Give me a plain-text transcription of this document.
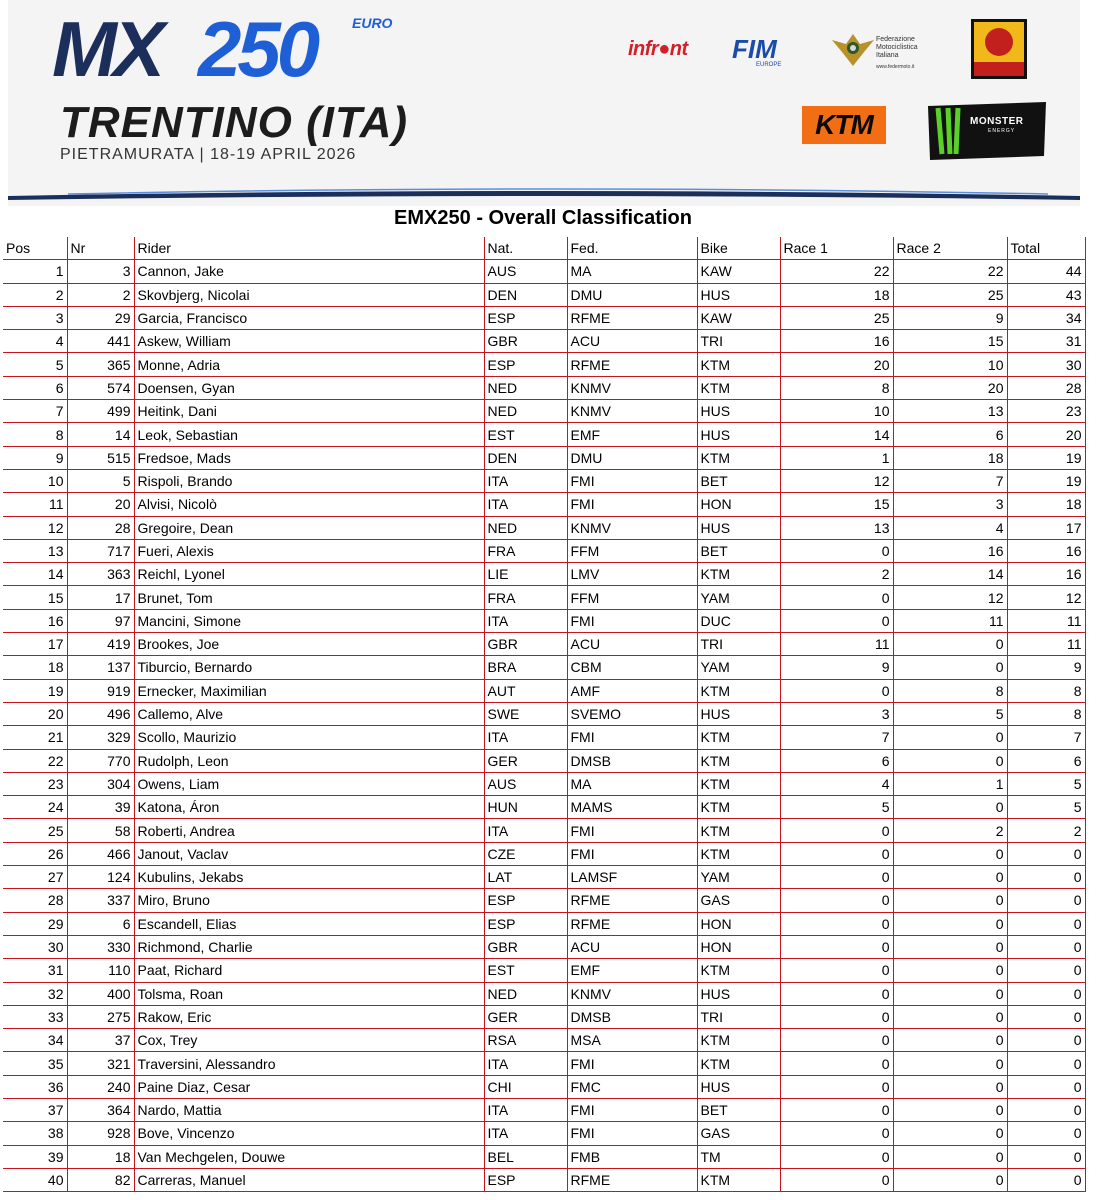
MX 250	EURO
TRENTINO (ITA)
PIETRAMURATA | 18-19 APRIL 2026
infr●nt FIM
EUROPE
Federazione Motociclistica Italiana
www.federmoto.it
KTM	MONSTER
ENERGY
EMX250 - Overall Classification
Pos	Nr	Rider	Nat.	Fed.	Bike	Race 1	Race 2	Total
1	3	Cannon, Jake	AUS	MA	KAW	22	22	44
2	2	Skovbjerg, Nicolai	DEN	DMU	HUS	18	25	43
3	29	Garcia, Francisco	ESP	RFME	KAW	25	9	34
4	441	Askew, William	GBR	ACU	TRI	16	15	31
5	365	Monne, Adria	ESP	RFME	KTM	20	10	30
6	574	Doensen, Gyan	NED	KNMV	KTM	8	20	28
7	499	Heitink, Dani	NED	KNMV	HUS	10	13	23
8	14	Leok, Sebastian	EST	EMF	HUS	14	6	20
9	515	Fredsoe, Mads	DEN	DMU	KTM	1	18	19
10	5	Rispoli, Brando	ITA	FMI	BET	12	7	19
11	20	Alvisi, Nicolò	ITA	FMI	HON	15	3	18
12	28	Gregoire, Dean	NED	KNMV	HUS	13	4	17
13	717	Fueri, Alexis	FRA	FFM	BET	0	16	16
14	363	Reichl, Lyonel	LIE	LMV	KTM	2	14	16
15	17	Brunet, Tom	FRA	FFM	YAM	0	12	12
16	97	Mancini, Simone	ITA	FMI	DUC	0	11	11
17	419	Brookes, Joe	GBR	ACU	TRI	11	0	11
18	137	Tiburcio, Bernardo	BRA	CBM	YAM	9	0	9
19	919	Ernecker, Maximilian	AUT	AMF	KTM	0	8	8
20	496	Callemo, Alve	SWE	SVEMO	HUS	3	5	8
21	329	Scollo, Maurizio	ITA	FMI	KTM	7	0	7
22	770	Rudolph, Leon	GER	DMSB	KTM	6	0	6
23	304	Owens, Liam	AUS	MA	KTM	4	1	5
24	39	Katona, Áron	HUN	MAMS	KTM	5	0	5
25	58	Roberti, Andrea	ITA	FMI	KTM	0	2	2
26	466	Janout, Vaclav	CZE	FMI	KTM	0	0	0
27	124	Kubulins, Jekabs	LAT	LAMSF	YAM	0	0	0
28	337	Miro, Bruno	ESP	RFME	GAS	0	0	0
29	6	Escandell, Elias	ESP	RFME	HON	0	0	0
30	330	Richmond, Charlie	GBR	ACU	HON	0	0	0
31	110	Paat, Richard	EST	EMF	KTM	0	0	0
32	400	Tolsma, Roan	NED	KNMV	HUS	0	0	0
33	275	Rakow, Eric	GER	DMSB	TRI	0	0	0
34	37	Cox, Trey	RSA	MSA	KTM	0	0	0
35	321	Traversini, Alessandro	ITA	FMI	KTM	0	0	0
36	240	Paine Diaz, Cesar	CHI	FMC	HUS	0	0	0
37	364	Nardo, Mattia	ITA	FMI	BET	0	0	0
38	928	Bove, Vincenzo	ITA	FMI	GAS	0	0	0
39	18	Van Mechgelen, Douwe	BEL	FMB	TM	0	0	0
40	82	Carreras, Manuel	ESP	RFME	KTM	0	0	0
